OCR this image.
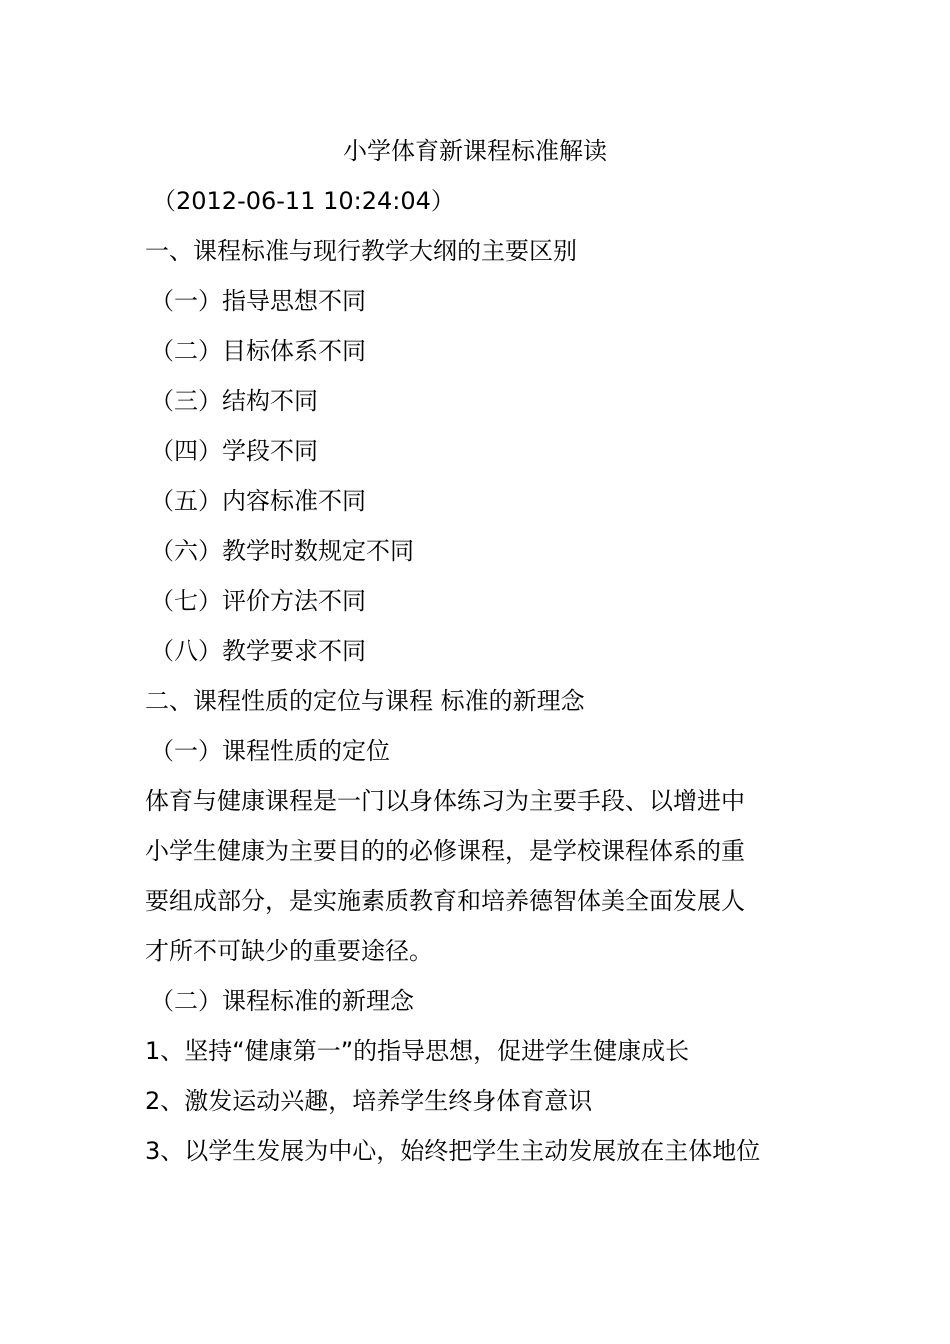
小学体育新课程标准解读
（2012-06-11 10:24:04）
一、课程标准与现行教学大纲的主要区别
（一）指导思想不同
（二）目标体系不同
（三）结构不同
（四）学段不同
（五）内容标准不同
（六）教学时数规定不同
（七）评价方法不同
（八）教学要求不同
二、课程性质的定位与课程 标准的新理念
（一）课程性质的定位
体育与健康课程是一门以身体练习为主要手段、以增进中
小学生健康为主要目的的必修课程，是学校课程体系的重
要组成部分，是实施素质教育和培养德智体美全面发展人
才所不可缺少的重要途径。
（二）课程标准的新理念
1、坚持“健康第一”的指导思想，促进学生健康成长
2、激发运动兴趣，培养学生终身体育意识
3、以学生发展为中心，始终把学生主动发展放在主体地位
